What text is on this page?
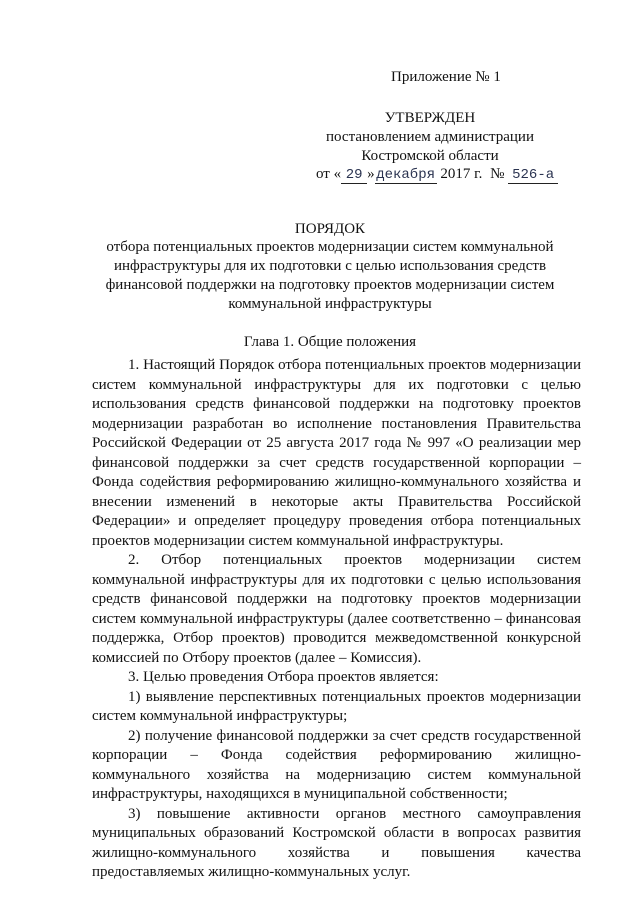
Приложение № 1
УТВЕРЖДЕН
постановлением администрации
Костромской области
от « 29 » декабря 2017 г. № 526-а
ПОРЯДОК
отбора потенциальных проектов модернизации систем коммунальной
инфраструктуры для их подготовки с целью использования средств
финансовой поддержки на подготовку проектов модернизации систем
коммунальной инфраструктуры
Глава 1. Общие положения

1. Настоящий Порядок отбора потенциальных проектов модернизации систем коммунальной инфраструктуры для их подготовки с целью использования средств финансовой поддержки на подготовку проектов модернизации разработан во исполнение постановления Правительства Российской Федерации от 25 августа 2017 года № 997 «О реализации мер финансовой поддержки за счет средств государственной корпорации – Фонда содействия реформированию жилищно-коммунального хозяйства и внесении изменений в некоторые акты Правительства Российской Федерации» и определяет процедуру проведения отбора потенциальных проектов модернизации систем коммунальной инфраструктуры.

2. Отбор потенциальных проектов модернизации систем коммунальной инфраструктуры для их подготовки с целью использования средств финансовой поддержки на подготовку проектов модернизации систем коммунальной инфраструктуры (далее соответственно – финансовая поддержка, Отбор проектов) проводится межведомственной конкурсной комиссией по Отбору проектов (далее – Комиссия).

3. Целью проведения Отбора проектов является:

1) выявление перспективных потенциальных проектов модернизации систем коммунальной инфраструктуры;

2) получение финансовой поддержки за счет средств государственной корпорации – Фонда содействия реформированию жилищно-коммунального хозяйства на модернизацию систем коммунальной инфраструктуры, находящихся в муниципальной собственности;

3) повышение активности органов местного самоуправления муниципальных образований Костромской области в вопросах развития жилищно-коммунального хозяйства и повышения качества предоставляемых жилищно-коммунальных услуг.
